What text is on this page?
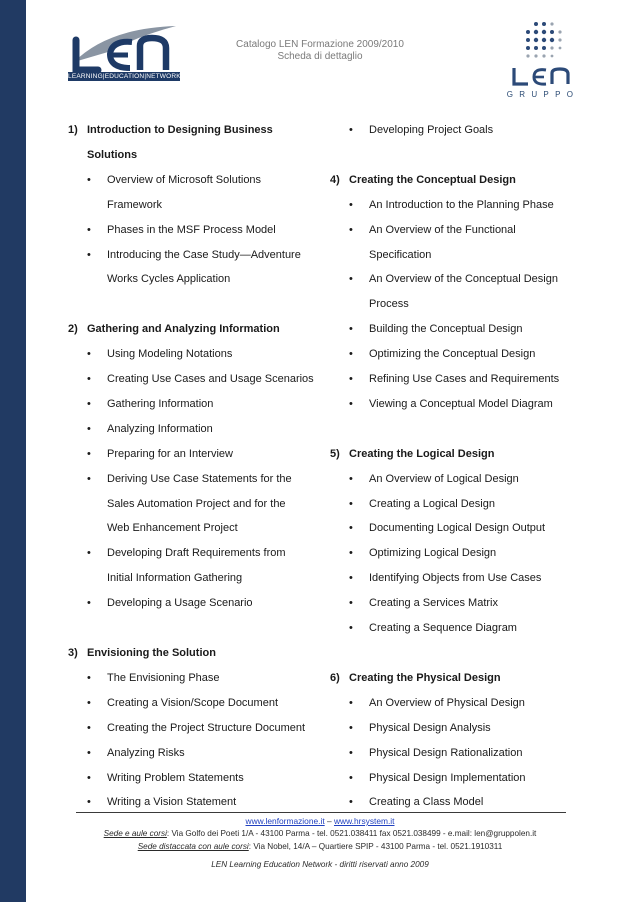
LEARNING|EDUCATION|NETWORK
Catalogo LEN Formazione 2009/2010
Scheda di dettaglio
GRUPPO
1) Introduction to Designing Business
Solutions
•	Overview of Microsoft Solutions
Framework
•	Phases in the MSF Process Model
•	Introducing the Case Study—Adventure
Works Cycles Application
2) Gathering and Analyzing Information
•	Using Modeling Notations
•	Creating Use Cases and Usage Scenarios
•	Gathering Information
•	Analyzing Information
•	Preparing for an Interview
•	Deriving Use Case Statements for the
Sales Automation Project and for the
Web Enhancement Project
•	Developing Draft Requirements from
Initial Information Gathering
•	Developing a Usage Scenario
3) Envisioning the Solution
•	The Envisioning Phase
•	Creating a Vision/Scope Document
•	Creating the Project Structure Document
•	Analyzing Risks
•	Writing Problem Statements
•	Writing a Vision Statement
•	Developing Project Goals
4) Creating the Conceptual Design
•	An Introduction to the Planning Phase
•	An Overview of the Functional
Specification
•	An Overview of the Conceptual Design
Process
•	Building the Conceptual Design
•	Optimizing the Conceptual Design
•	Refining Use Cases and Requirements
•	Viewing a Conceptual Model Diagram
5) Creating the Logical Design
•	An Overview of Logical Design
•	Creating a Logical Design
•	Documenting Logical Design Output
•	Optimizing Logical Design
•	Identifying Objects from Use Cases
•	Creating a Services Matrix
•	Creating a Sequence Diagram
6) Creating the Physical Design
•	An Overview of Physical Design
•	Physical Design Analysis
•	Physical Design Rationalization
•	Physical Design Implementation
•	Creating a Class Model
www.lenformazione.it – www.hrsystem.it
Sede e aule corsi: Via Golfo dei Poeti 1/A - 43100 Parma - tel. 0521.038411 fax 0521.038499 - e.mail: len@gruppolen.it
Sede distaccata con aule corsi: Via Nobel, 14/A – Quartiere SPIP - 43100 Parma - tel. 0521.1910311
LEN Learning Education Network - diritti riservati anno 2009
